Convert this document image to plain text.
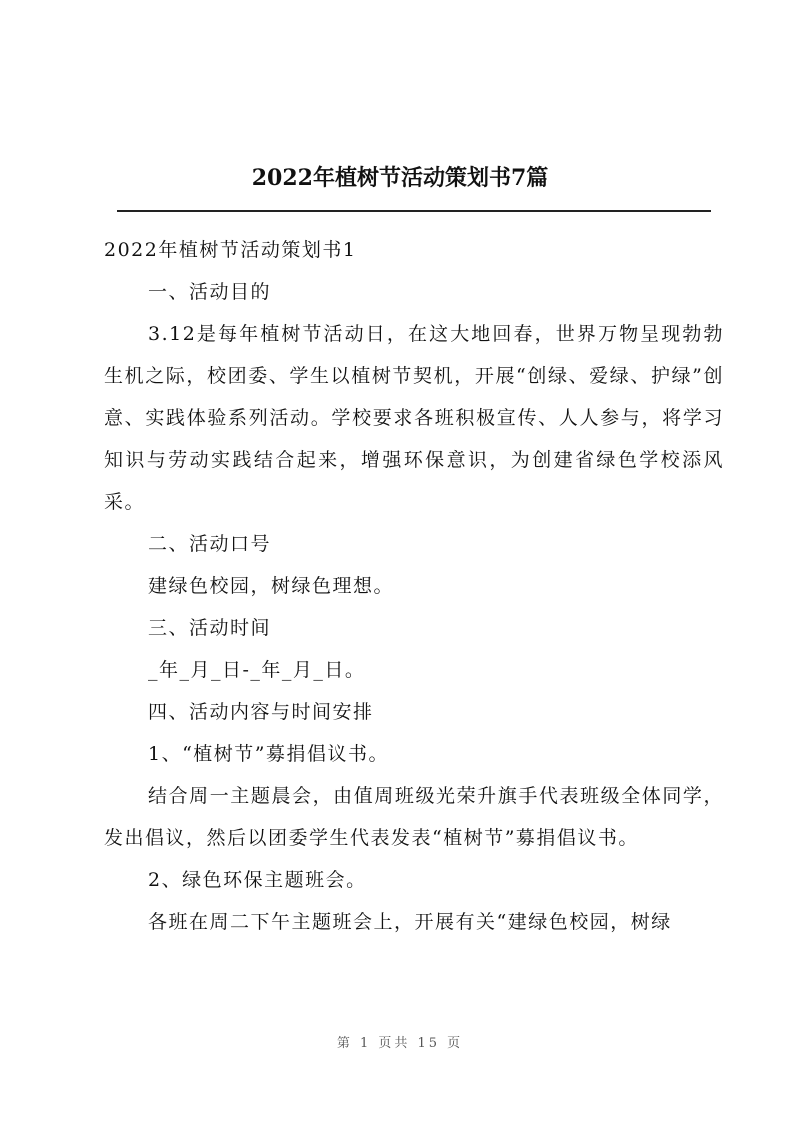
2022年植树节活动策划书7篇

2022年植树节活动策划书1

一、活动目的

3.12是每年植树节活动日，在这大地回春，世界万物呈现勃勃生机之际，校团委、学生以植树节契机，开展“创绿、爱绿、护绿”创意、实践体验系列活动。学校要求各班积极宣传、人人参与，将学习知识与劳动实践结合起来，增强环保意识，为创建省绿色学校添风采。

二、活动口号

建绿色校园，树绿色理想。

三、活动时间

_年_月_日-_年_月_日。

四、活动内容与时间安排

1、“植树节”募捐倡议书。

结合周一主题晨会，由值周班级光荣升旗手代表班级全体同学，发出倡议，然后以团委学生代表发表“植树节”募捐倡议书。

2、绿色环保主题班会。

各班在周二下午主题班会上，开展有关“建绿色校园，树绿

第 1 页共 15 页
